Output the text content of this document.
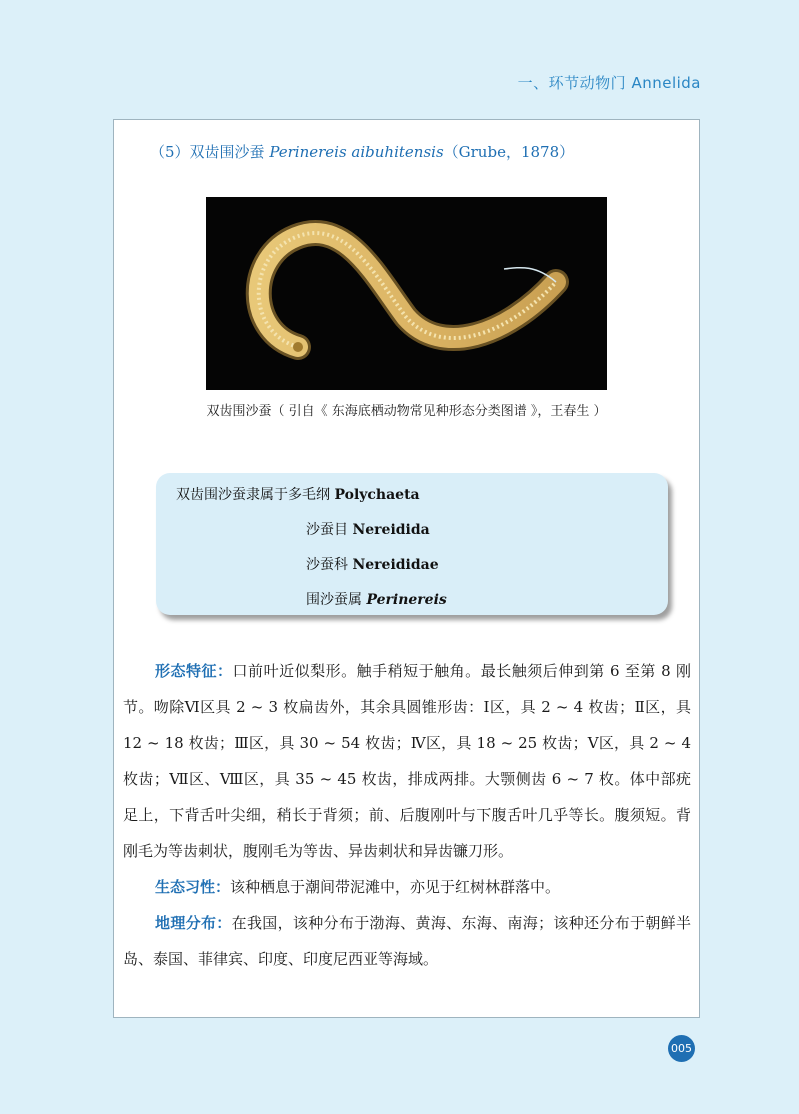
一、环节动物门 Annelida
（5）双齿围沙蚕 Perinereis aibuhitensis（Grube，1878）
双齿围沙蚕（ 引自《 东海底栖动物常见种形态分类图谱 》，王春生 ）
双齿围沙蚕隶属于多毛纲 Polychaeta
沙蚕目 Nereidida
沙蚕科 Nereididae
围沙蚕属 Perinereis

形态特征：口前叶近似梨形。触手稍短于触角。最长触须后伸到第 6 至第 8 刚节。吻除Ⅵ区具 2 ~ 3 枚扁齿外，其余具圆锥形齿：Ⅰ区，具 2 ~ 4 枚齿；Ⅱ区，具 12 ~ 18 枚齿；Ⅲ区，具 30 ~ 54 枚齿；Ⅳ区，具 18 ~ 25 枚齿；Ⅴ区，具 2 ~ 4 枚齿；Ⅶ区、Ⅷ区，具 35 ~ 45 枚齿，排成两排。大颚侧齿 6 ~ 7 枚。体中部疣足上，下背舌叶尖细，稍长于背须；前、后腹刚叶与下腹舌叶几乎等长。腹须短。背刚毛为等齿刺状，腹刚毛为等齿、异齿刺状和异齿镰刀形。

生态习性：该种栖息于潮间带泥滩中，亦见于红树林群落中。

地理分布：在我国，该种分布于渤海、黄海、东海、南海；该种还分布于朝鲜半岛、泰国、菲律宾、印度、印度尼西亚等海域。

005
